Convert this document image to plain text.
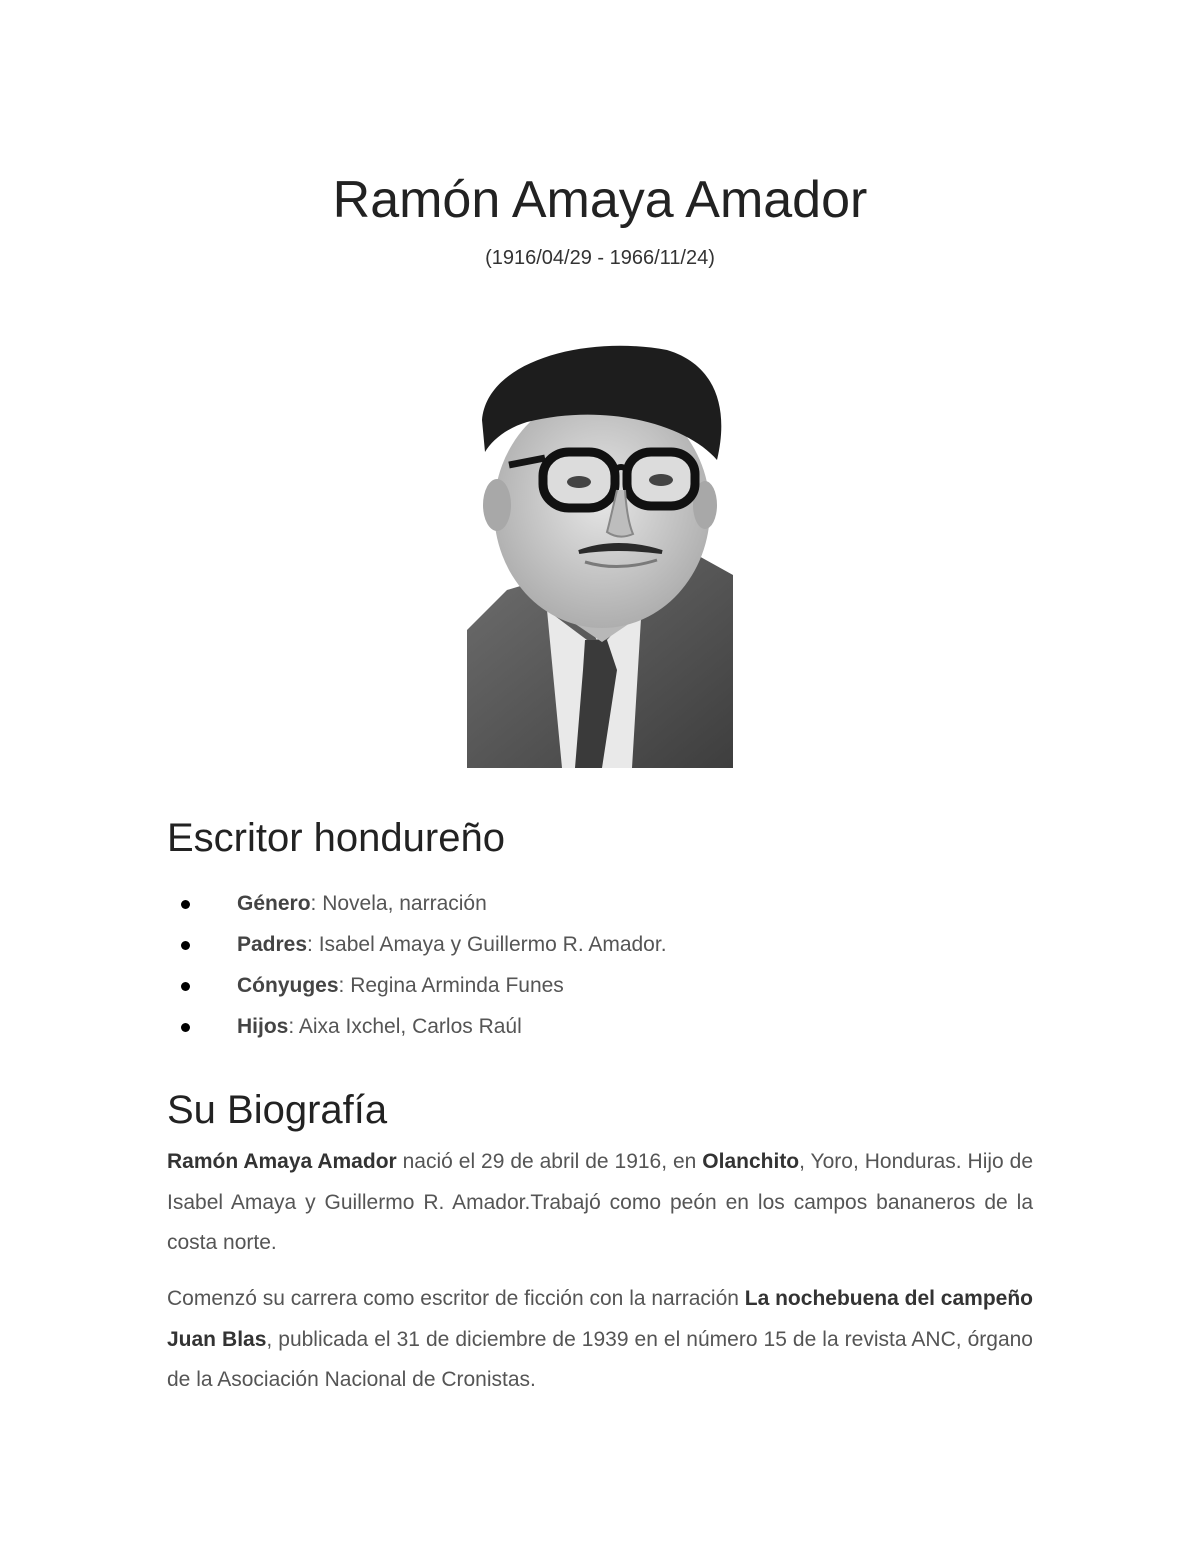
Ramón Amaya Amador
(1916/04/29 - 1966/11/24)
Escritor hondureño
Género: Novela, narración
Padres: Isabel Amaya y Guillermo R. Amador.
Cónyuges: Regina Arminda Funes
Hijos: Aixa Ixchel, Carlos Raúl
Su Biografía

Ramón Amaya Amador nació el 29 de abril de 1916, en Olanchito, Yoro, Honduras. Hijo de Isabel Amaya y Guillermo R. Amador.Trabajó como peón en los campos bananeros de la costa norte.

Comenzó su carrera como escritor de ficción con la narración La nochebuena del campeño Juan Blas, publicada el 31 de diciembre de 1939 en el número 15 de la revista ANC, órgano de la Asociación Nacional de Cronistas.
